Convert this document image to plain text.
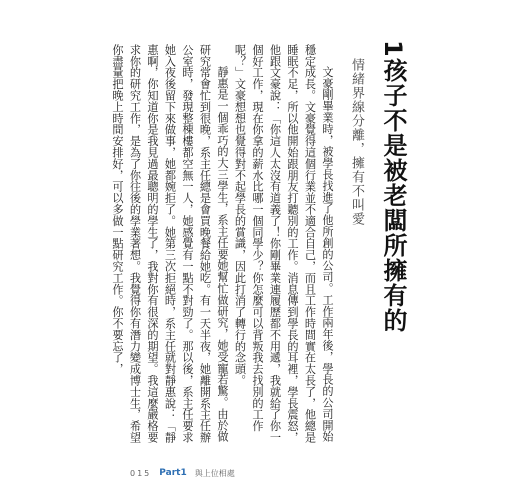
1孩子不是被老闆所擁有的
情緒界線分離，擁有不叫愛

文豪剛畢業時，被學長找進了他所創的公司。工作兩年後，學長的公司開始穩定成長。文豪覺得這個行業並不適合自己，而且工作時間實在太長了，他總是睡眠不足，所以他開始跟朋友打聽別的工作。消息傳到學長的耳裡，學長震怒，他跟文豪說：「你這人太沒有道義了！你剛畢業連履歷都不用遞，我就給了你一個好工作，現在你拿的薪水比哪一個同學少？你怎麼可以背叛我去找別的工作呢？」文豪想想也覺得對不起學長的賞識，因此打消了轉行的念頭。

靜惠是一個乖巧的大三學生，系主任要她幫忙做研究，她受寵若驚。由於做研究常會忙到很晚，系主任總是會買晚餐給她吃。有一天半夜，她離開系主任辦公室時，發現整棟樓都空無一人，她感覺有一點不對勁了。那以後，系主任要求她入夜後留下來做事，她都婉拒了。她第三次拒絕時，系主任就對靜惠說：「靜惠啊，你知道你是我見過最聰明的學生了，我對你有很深的期望。我這麼嚴格要求你的研究工作，是為了你往後的學業著想。我覺得你有潛力變成博士生，希望你盡量把晚上時間安排好，可以多做一點研究工作。你不要忘了，

015 Part1 與上位相處
